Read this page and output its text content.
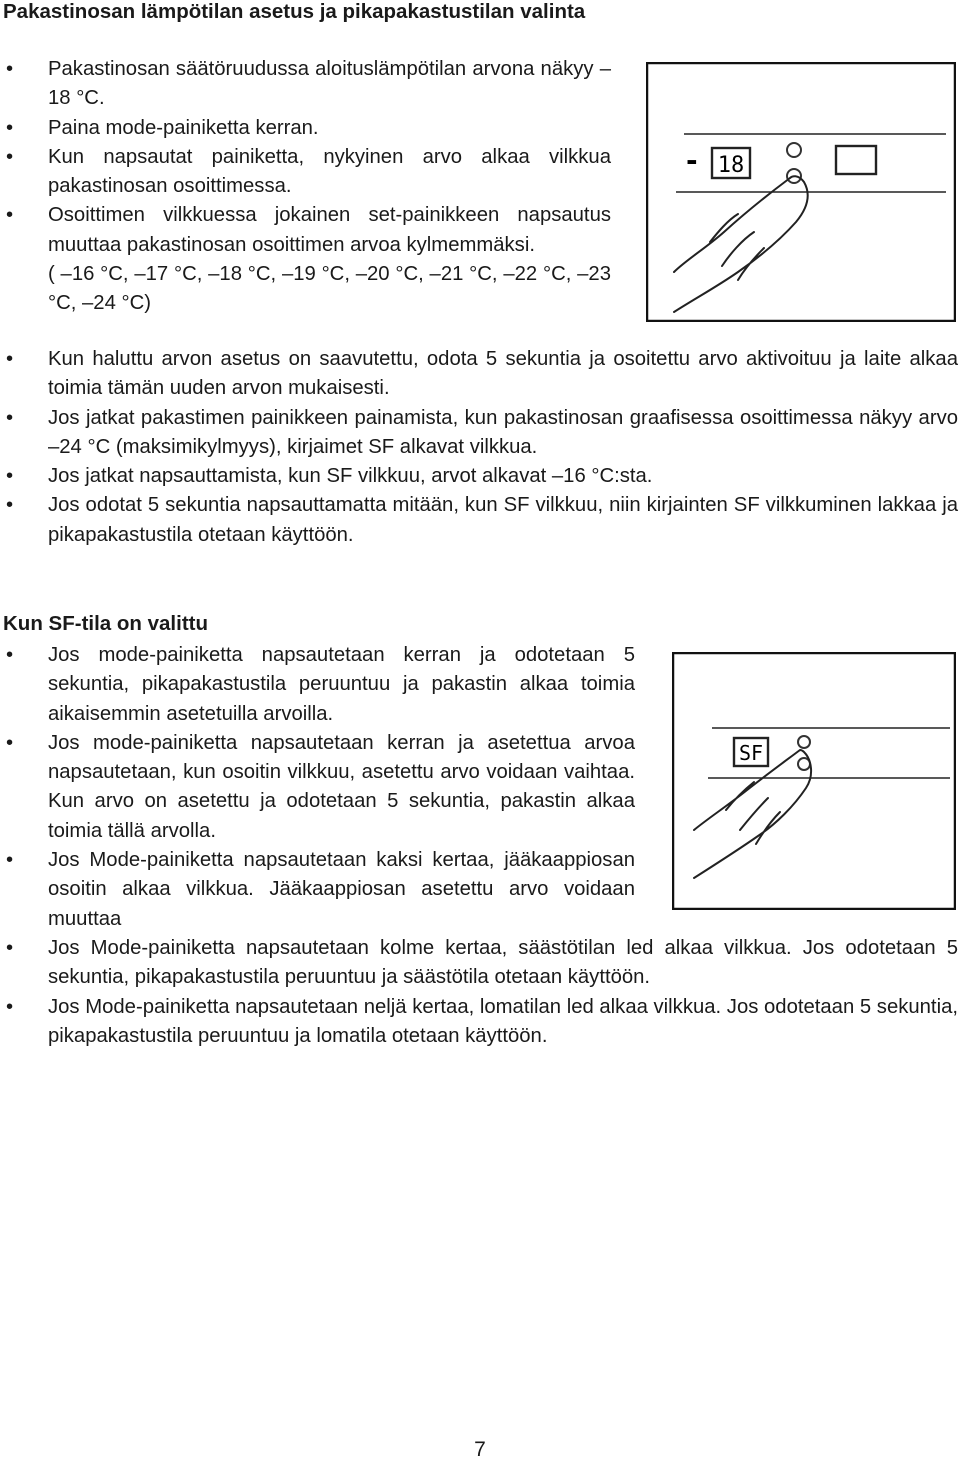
Pakastinosan lämpötilan asetus ja pikapakastustilan valinta
•	Pakastinosan säätöruudussa aloituslämpötilan arvona näkyy –18 °C.
•	Paina mode-painiketta kerran.
•	Kun napsautat painiketta, nykyinen arvo alkaa vilkkua pakastinosan osoittimessa.
•	Osoittimen vilkkuessa jokainen set-painikkeen napsautus muuttaa pakastinosan osoittimen arvoa kylmemmäksi.
( –16 °C, –17 °C, –18 °C, –19 °C, –20 °C, –21 °C, –22 °C, –23 °C, –24 °C)
- 18
•	Kun haluttu arvon asetus on saavutettu, odota 5 sekuntia ja osoitettu arvo aktivoituu ja laite alkaa toimia tämän uuden arvon mukaisesti.
•	Jos jatkat pakastimen painikkeen painamista, kun pakastinosan graafisessa osoittimessa näkyy arvo –24 °C (maksimikylmyys), kirjaimet SF alkavat vilkkua.
•	Jos jatkat napsauttamista, kun SF vilkkuu, arvot alkavat –16 °C:sta.
•	Jos odotat 5 sekuntia napsauttamatta mitään, kun SF vilkkuu, niin kirjainten SF vilkkuminen lakkaa ja pikapakastustila otetaan käyttöön.
Kun SF-tila on valittu
•	Jos mode-painiketta napsautetaan kerran ja odotetaan 5 sekuntia, pikapakastustila peruuntuu ja pakastin alkaa toimia aikaisemmin asetetuilla arvoilla.
•	Jos mode-painiketta napsautetaan kerran ja asetettua arvoa napsautetaan, kun osoitin vilkkuu, asetettu arvo voidaan vaihtaa. Kun arvo on asetettu ja odotetaan 5 sekuntia, pakastin alkaa toimia tällä arvolla.
•	Jos Mode-painiketta napsautetaan kaksi kertaa, jääkaappiosan osoitin alkaa vilkkua. Jääkaappiosan asetettu arvo voidaan muuttaa
SF
•	Jos Mode-painiketta napsautetaan kolme kertaa, säästötilan led alkaa vilkkua. Jos odotetaan 5 sekuntia, pikapakastustila peruuntuu ja säästötila otetaan käyttöön.
•	Jos Mode-painiketta napsautetaan neljä kertaa, lomatilan led alkaa vilkkua. Jos odotetaan 5 sekuntia, pikapakastustila peruuntuu ja lomatila otetaan käyttöön.
7
